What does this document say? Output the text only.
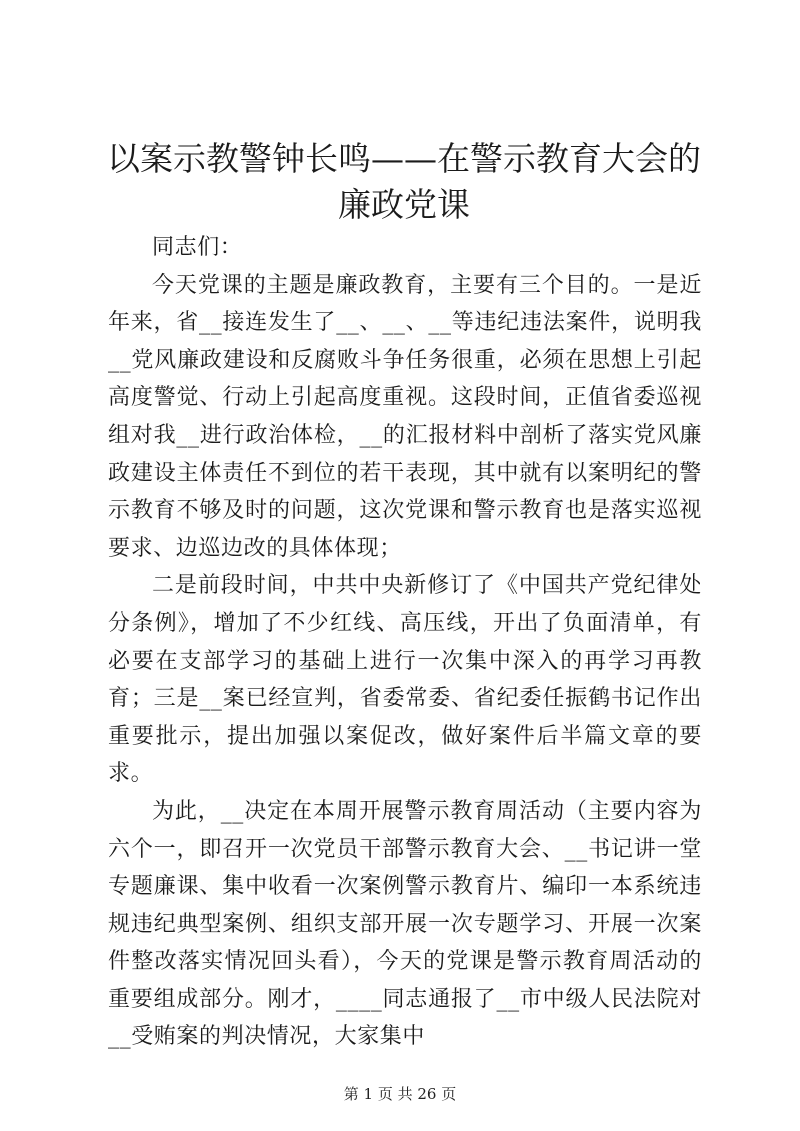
以案示教警钟长鸣——在警示教育大会的廉政党课

同志们：

今天党课的主题是廉政教育，主要有三个目的。一是近年来，省__接连发生了__、__、__等违纪违法案件，说明我__党风廉政建设和反腐败斗争任务很重，必须在思想上引起高度警觉、行动上引起高度重视。这段时间，正值省委巡视组对我__进行政治体检，__的汇报材料中剖析了落实党风廉政建设主体责任不到位的若干表现，其中就有以案明纪的警示教育不够及时的问题，这次党课和警示教育也是落实巡视要求、边巡边改的具体体现；

二是前段时间，中共中央新修订了《中国共产党纪律处分条例》，增加了不少红线、高压线，开出了负面清单，有必要在支部学习的基础上进行一次集中深入的再学习再教育；三是__案已经宣判，省委常委、省纪委任振鹤书记作出重要批示，提出加强以案促改，做好案件后半篇文章的要求。

为此，__决定在本周开展警示教育周活动（主要内容为六个一，即召开一次党员干部警示教育大会、__书记讲一堂专题廉课、集中收看一次案例警示教育片、编印一本系统违规违纪典型案例、组织支部开展一次专题学习、开展一次案件整改落实情况回头看），今天的党课是警示教育周活动的重要组成部分。刚才，____同志通报了__市中级人民法院对__受贿案的判决情况，大家集中

第 1 页 共 26 页
